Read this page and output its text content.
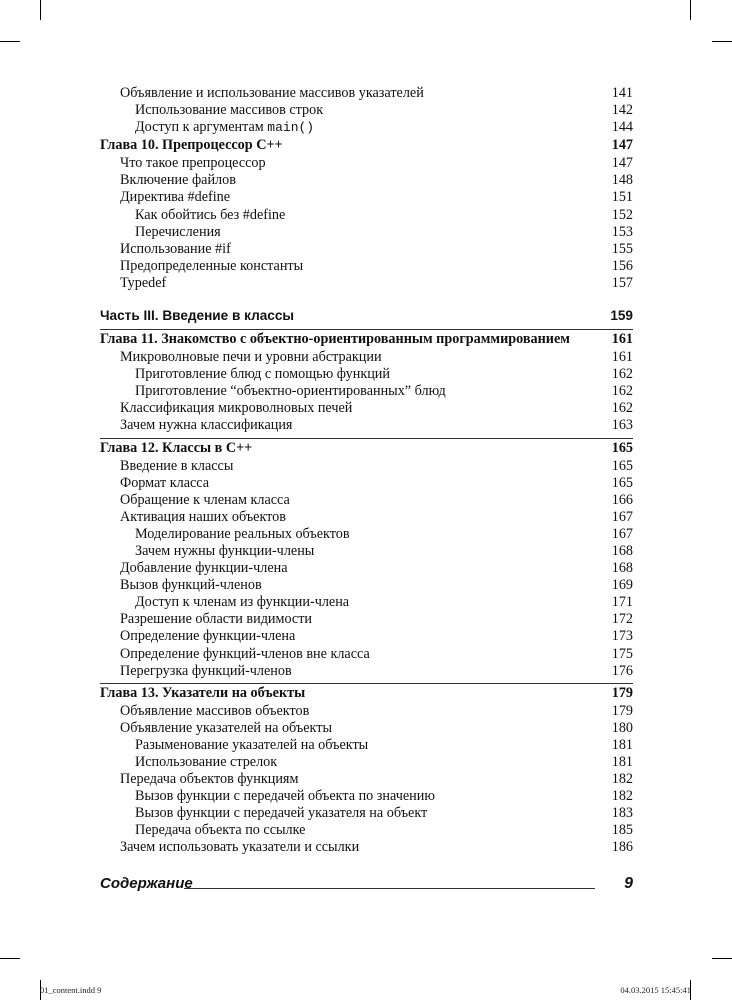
Объявление и использование массивов указателей	141
Использование массивов строк	142
Доступ к аргументам main()	144
Глава 10. Препроцессор C++	147
Что такое препроцессор	147
Включение файлов	148
Директива #define	151
Как обойтись без #define	152
Перечисления	153
Использование #if	155
Предопределенные константы	156
Typedef	157
Часть III. Введение в классы	159
Глава 11. Знакомство с объектно-ориентированным программированием	161
Микроволновые печи и уровни абстракции	161
Приготовление блюд с помощью функций	162
Приготовление “объектно-ориентированных” блюд	162
Классификация микроволновых печей	162
Зачем нужна классификация	163
Глава 12. Классы в C++	165
Введение в классы	165
Формат класса	165
Обращение к членам класса	166
Активация наших объектов	167
Моделирование реальных объектов	167
Зачем нужны функции-члены	168
Добавление функции-члена	168
Вызов функций-членов	169
Доступ к членам из функции-члена	171
Разрешение области видимости	172
Определение функции-члена	173
Определение функций-членов вне класса	175
Перегрузка функций-членов	176
Глава 13. Указатели на объекты	179
Объявление массивов объектов	179
Объявление указателей на объекты	180
Разыменование указателей на объекты	181
Использование стрелок	181
Передача объектов функциям	182
Вызов функции с передачей объекта по значению	182
Вызов функции с передачей указателя на объект	183
Передача объекта по ссылке	185
Зачем использовать указатели и ссылки	186
Содержание	9
01_content.indd 9	04.03.2015 15:45:41
